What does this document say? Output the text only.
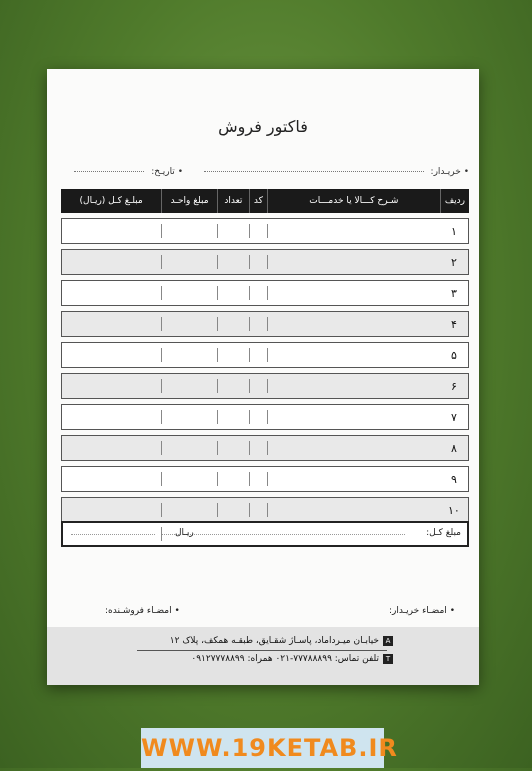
فاکتور فروش
• خریـدار:
• تاریـخ:
ردیف	شـرح کـــالا یا خدمـــات	کد	تعداد	مبلغ واحـد	مبلـغ کـل (ریـال)

۱	

۲	

۳	

۴	

۵	

۶	

۷	

۸	

۹	

۱۰	

مبلغ کـل:
ریـال
• امضـاء خریـدار:
• امضـاء فروشـنده:
A
خیابـان میـرداماد، پاسـاژ شقـایق، طبقـه همکف، پلاک ۱۲
T
تلفن تماس: ۷۷۷۸۸۸۹۹-۰۲۱ همراه: ۰۹۱۲۷۷۷۸۸۹۹
WWW.19KETAB.IR
